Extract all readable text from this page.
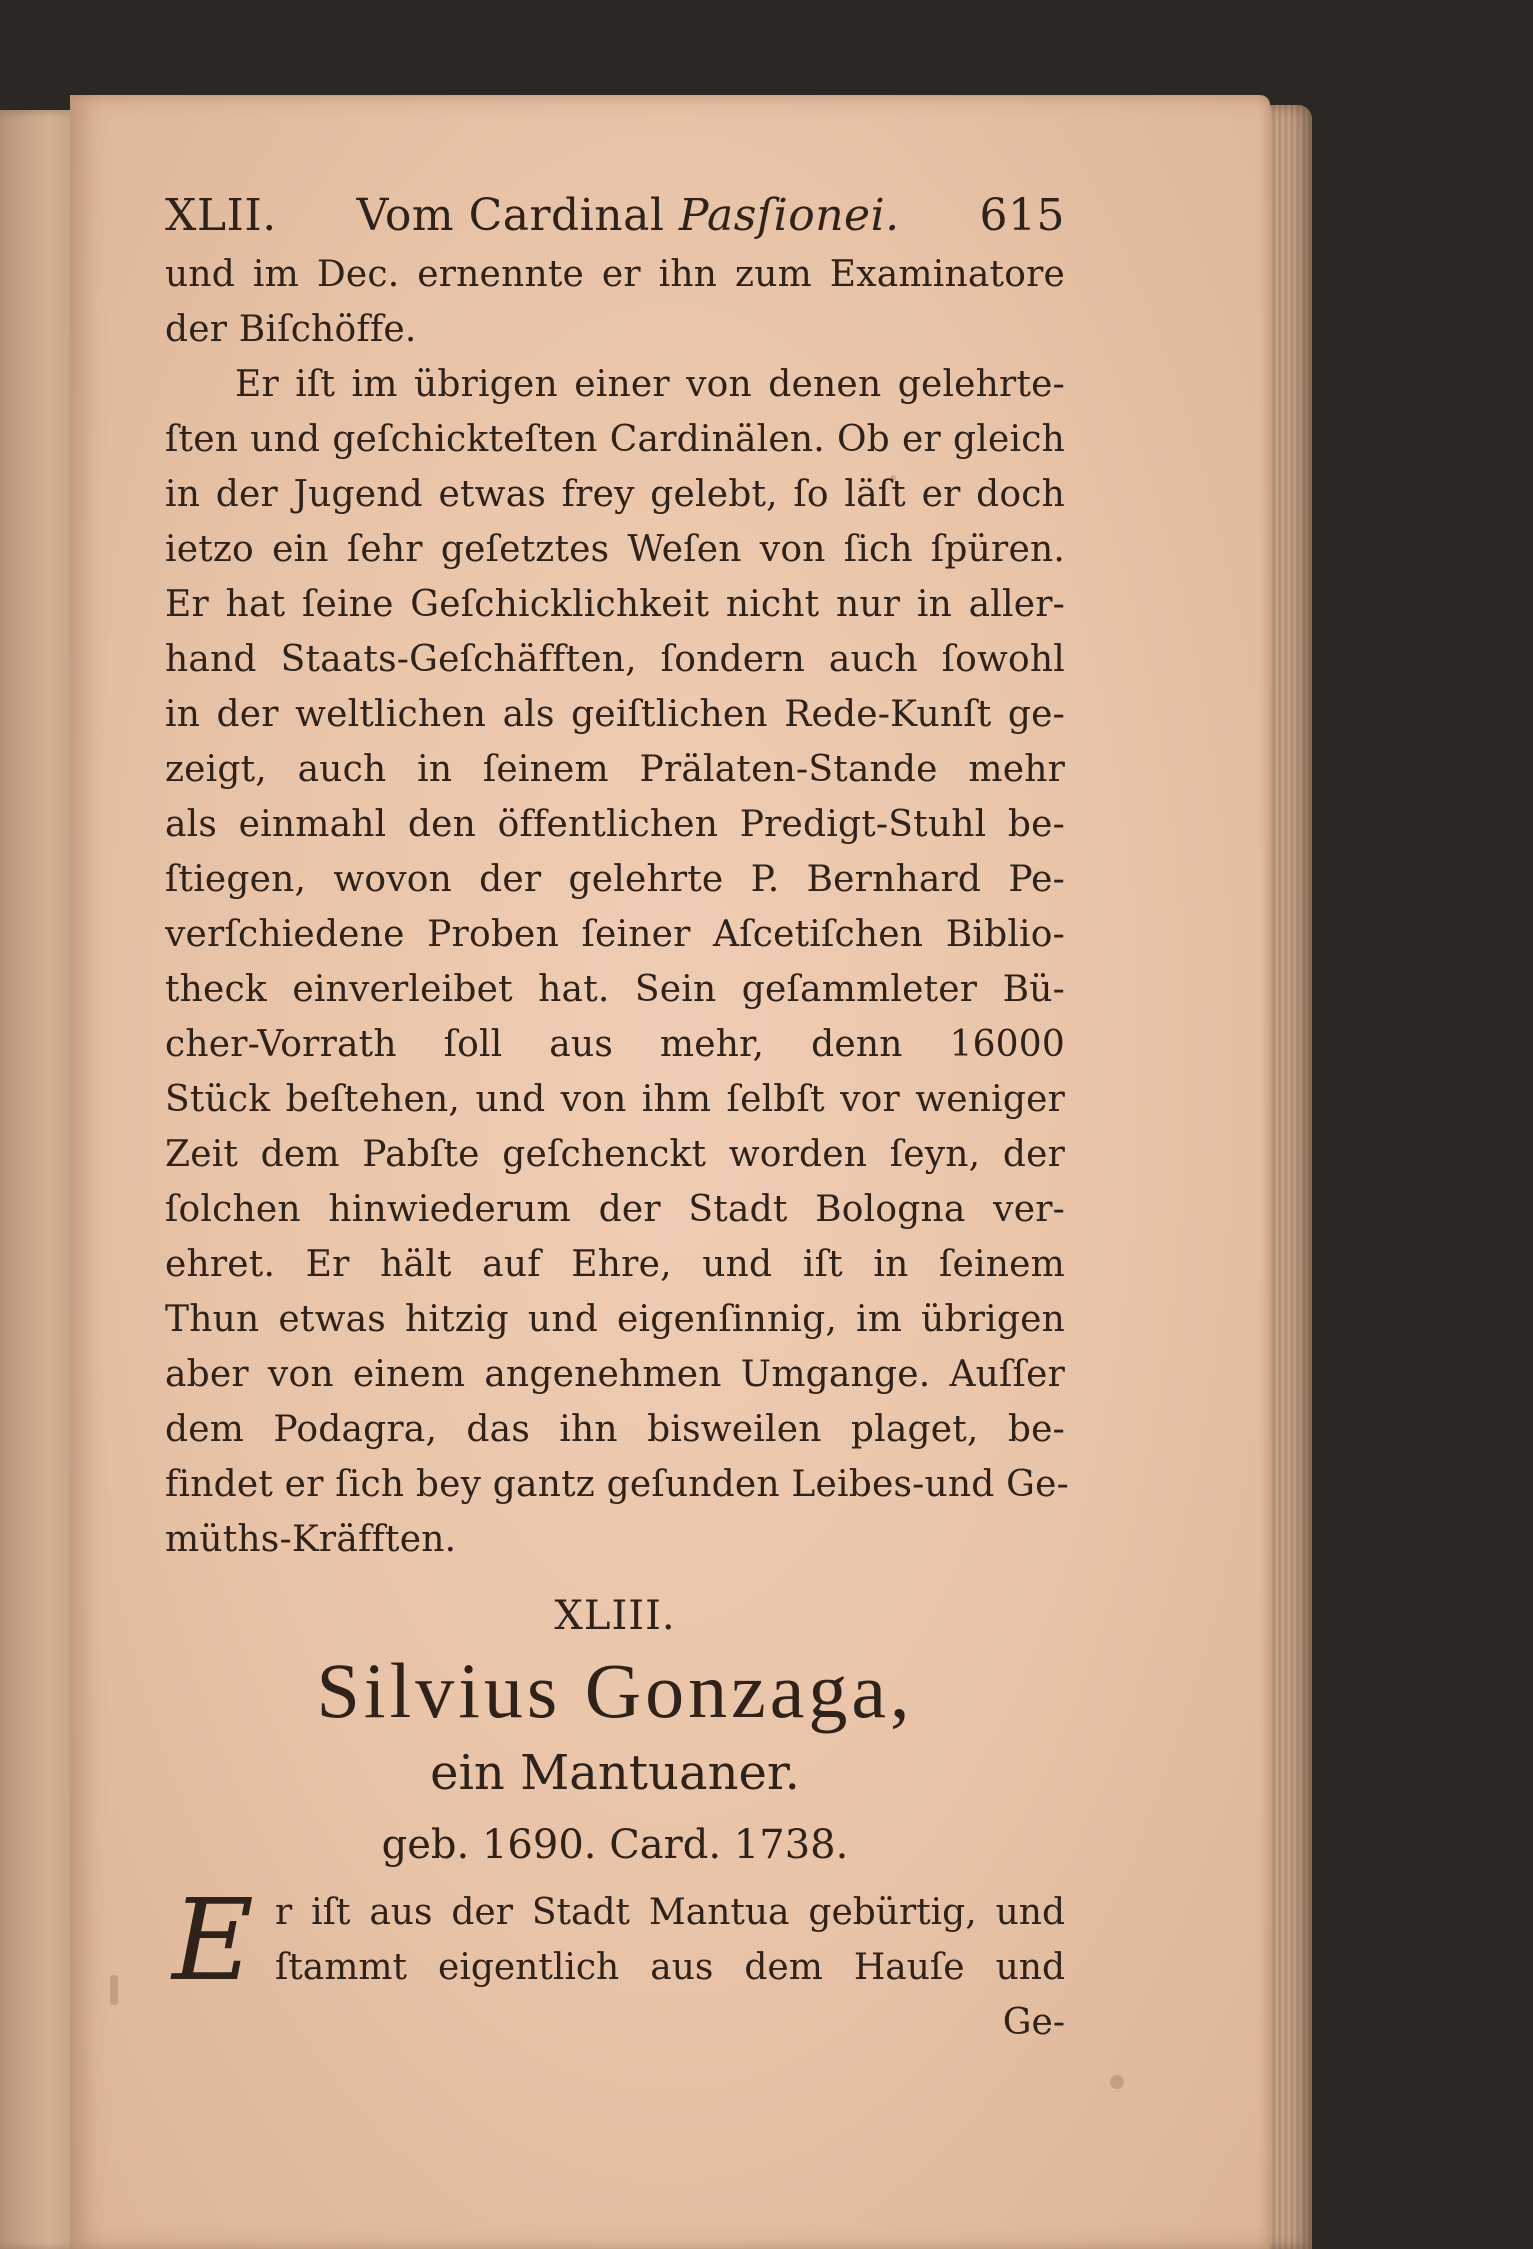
XLII.	Vom Cardinal Pasſionei.	615
und im Dec. ernennte er ihn zum Examinatore
der Biſchöffe.
Er iſt im übrigen einer von denen gelehrte-
ſten und geſchickteſten Cardinälen. Ob er gleich
in der Jugend etwas frey gelebt, ſo läſt er doch
ietzo ein ſehr geſetztes Weſen von ſich ſpüren.
Er hat ſeine Geſchicklichkeit nicht nur in aller-
hand Staats-Geſchäfften, ſondern auch ſowohl
in der weltlichen als geiſtlichen Rede-Kunſt ge-
zeigt, auch in ſeinem Prälaten-Stande mehr
als einmahl den öffentlichen Predigt-Stuhl be-
ſtiegen, wovon der gelehrte P. Bernhard Pe-
verſchiedene Proben ſeiner Aſcetiſchen Biblio-
theck einverleibet hat. Sein geſammleter Bü-
cher-Vorrath ſoll aus mehr, denn 16000
Stück beſtehen, und von ihm ſelbſt vor weniger
Zeit dem Pabſte geſchenckt worden ſeyn, der
ſolchen hinwiederum der Stadt Bologna ver-
ehret. Er hält auf Ehre, und iſt in ſeinem
Thun etwas hitzig und eigenſinnig, im übrigen
aber von einem angenehmen Umgange. Auſſer
dem Podagra, das ihn bisweilen plaget, be-
findet er ſich bey gantz geſunden Leibes-und Ge-
müths-Kräfften.
XLIII.
Silvius Gonzaga,
ein Mantuaner.
geb. 1690. Card. 1738.
E r iſt aus der Stadt Mantua gebürtig, und
ſtammt eigentlich aus dem Hauſe und
Ge-
